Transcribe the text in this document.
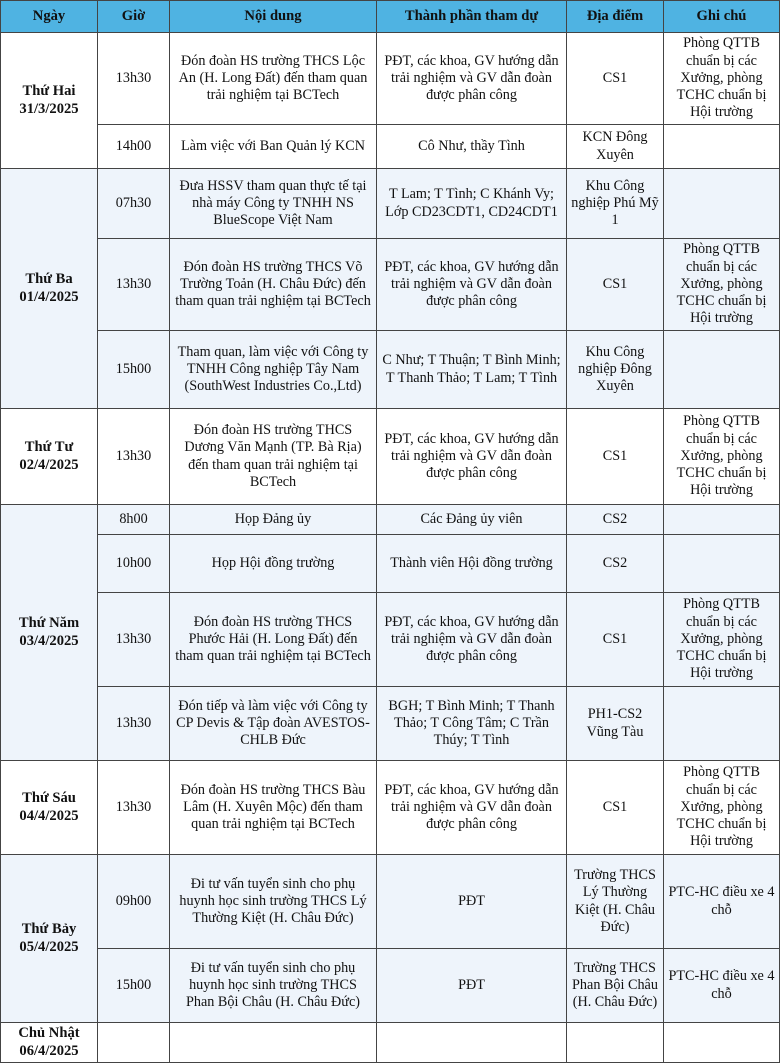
Ngày	Giờ	Nội dung	Thành phần tham dự	Địa điểm	Ghi chú
Thứ Hai
31/3/2025	13h30	Đón đoàn HS trường THCS Lộc An (H. Long Đất) đến tham quan trải nghiệm tại BCTech	PĐT, các khoa, GV hướng dẫn trải nghiệm và GV dẫn đoàn được phân công	CS1	Phòng QTTB chuẩn bị các Xưởng, phòng TCHC chuẩn bị Hội trường
	14h00	Làm việc với Ban Quản lý KCN	Cô Như, thầy Tình	KCN Đông Xuyên	
Thứ Ba
01/4/2025	07h30	Đưa HSSV tham quan thực tế tại nhà máy Công ty TNHH NS BlueScope Việt Nam	T Lam; T Tình; C Khánh Vy; Lớp CD23CDT1, CD24CDT1	Khu Công nghiệp Phú Mỹ 1	
	13h30	Đón đoàn HS trường THCS Võ Trường Toản (H. Châu Đức) đến tham quan trải nghiệm tại BCTech	PĐT, các khoa, GV hướng dẫn trải nghiệm và GV dẫn đoàn được phân công	CS1	Phòng QTTB chuẩn bị các Xưởng, phòng TCHC chuẩn bị Hội trường
	15h00	Tham quan, làm việc với Công ty TNHH Công nghiệp Tây Nam (SouthWest Industries Co.,Ltd)	C Như; T Thuận; T Bình Minh; T Thanh Thảo; T Lam; T Tình	Khu Công nghiệp Đông Xuyên	
Thứ Tư
02/4/2025	13h30	Đón đoàn HS trường THCS Dương Văn Mạnh (TP. Bà Rịa) đến tham quan trải nghiệm tại BCTech	PĐT, các khoa, GV hướng dẫn trải nghiệm và GV dẫn đoàn được phân công	CS1	Phòng QTTB chuẩn bị các Xưởng, phòng TCHC chuẩn bị Hội trường
Thứ Năm
03/4/2025	8h00	Họp Đảng ủy	Các Đảng ủy viên	CS2	
	10h00	Họp Hội đồng trường	Thành viên Hội đồng trường	CS2	
	13h30	Đón đoàn HS trường THCS Phước Hải (H. Long Đất) đến tham quan trải nghiệm tại BCTech	PĐT, các khoa, GV hướng dẫn trải nghiệm và GV dẫn đoàn được phân công	CS1	Phòng QTTB chuẩn bị các Xưởng, phòng TCHC chuẩn bị Hội trường
	13h30	Đón tiếp và làm việc với Công ty CP Devis & Tập đoàn AVESTOS-CHLB Đức	BGH; T Bình Minh; T Thanh Thảo; T Công Tâm; C Trần Thúy; T Tình	PH1-CS2 Vũng Tàu	
Thứ Sáu
04/4/2025	13h30	Đón đoàn HS trường THCS Bàu Lâm (H. Xuyên Mộc) đến tham quan trải nghiệm tại BCTech	PĐT, các khoa, GV hướng dẫn trải nghiệm và GV dẫn đoàn được phân công	CS1	Phòng QTTB chuẩn bị các Xưởng, phòng TCHC chuẩn bị Hội trường
Thứ Bảy
05/4/2025	09h00	Đi tư vấn tuyển sinh cho phụ huynh học sinh trường THCS Lý Thường Kiệt (H. Châu Đức)	PĐT	Trường THCS Lý Thường Kiệt (H. Châu Đức)	PTC-HC điều xe 4 chỗ
	15h00	Đi tư vấn tuyển sinh cho phụ huynh học sinh trường THCS Phan Bội Châu (H. Châu Đức)	PĐT	Trường THCS Phan Bội Châu (H. Châu Đức)	PTC-HC điều xe 4 chỗ
Chủ Nhật
06/4/2025					
